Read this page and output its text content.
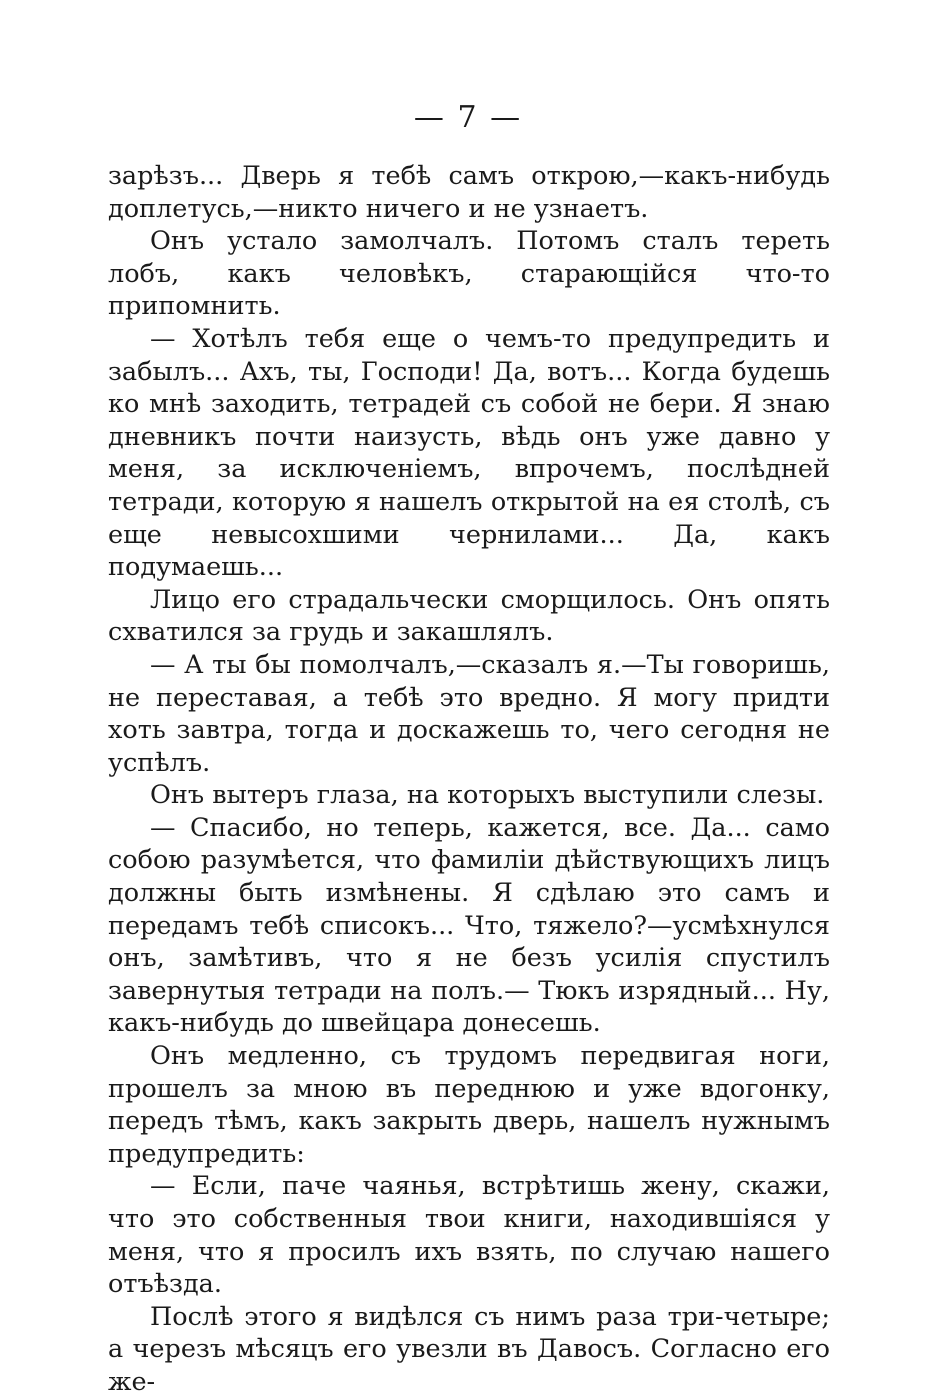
— 7 —

зарѣзъ... Дверь я тебѣ самъ открою,—какъ-нибудь доплетусь,—никто ничего и не узнаетъ.

Онъ устало замолчалъ. Потомъ сталъ тереть лобъ, какъ человѣкъ, старающійся что-то припомнить.

— Хотѣлъ тебя еще о чемъ-то предупредить и забылъ... Ахъ, ты, Господи! Да, вотъ... Когда будешь ко мнѣ заходить, тетрадей съ собой не бери. Я знаю дневникъ почти наизусть, вѣдь онъ уже давно у меня, за исключеніемъ, впрочемъ, послѣдней тетради, которую я нашелъ открытой на ея столѣ, съ еще невысохшими чернилами... Да, какъ подумаешь...

Лицо его страдальчески сморщилось. Онъ опять схватился за грудь и закашлялъ.

— А ты бы помолчалъ,—сказалъ я.—Ты говоришь, не переставая, а тебѣ это вредно. Я могу придти хоть завтра, тогда и доскажешь то, чего сегодня не успѣлъ.

Онъ вытеръ глаза, на которыхъ выступили слезы.

— Спасибо, но теперь, кажется, все. Да... само собою разумѣется, что фамиліи дѣйствующихъ лицъ должны быть измѣнены. Я сдѣлаю это самъ и передамъ тебѣ списокъ... Что, тяжело?—усмѣхнулся онъ, замѣтивъ, что я не безъ усилія спустилъ завернутыя тетради на полъ.— Тюкъ изрядный... Ну, какъ-нибудь до швейцара донесешь.

Онъ медленно, съ трудомъ передвигая ноги, прошелъ за мною въ переднюю и уже вдогонку, передъ тѣмъ, какъ закрыть дверь, нашелъ нужнымъ предупредить:

— Если, паче чаянья, встрѣтишь жену, скажи, что это собственныя твои книги, находившіяся у меня, что я просилъ ихъ взять, по случаю нашего отъѣзда.

Послѣ этого я видѣлся съ нимъ раза три-четыре; а черезъ мѣсяцъ его увезли въ Давосъ. Согласно его же-
